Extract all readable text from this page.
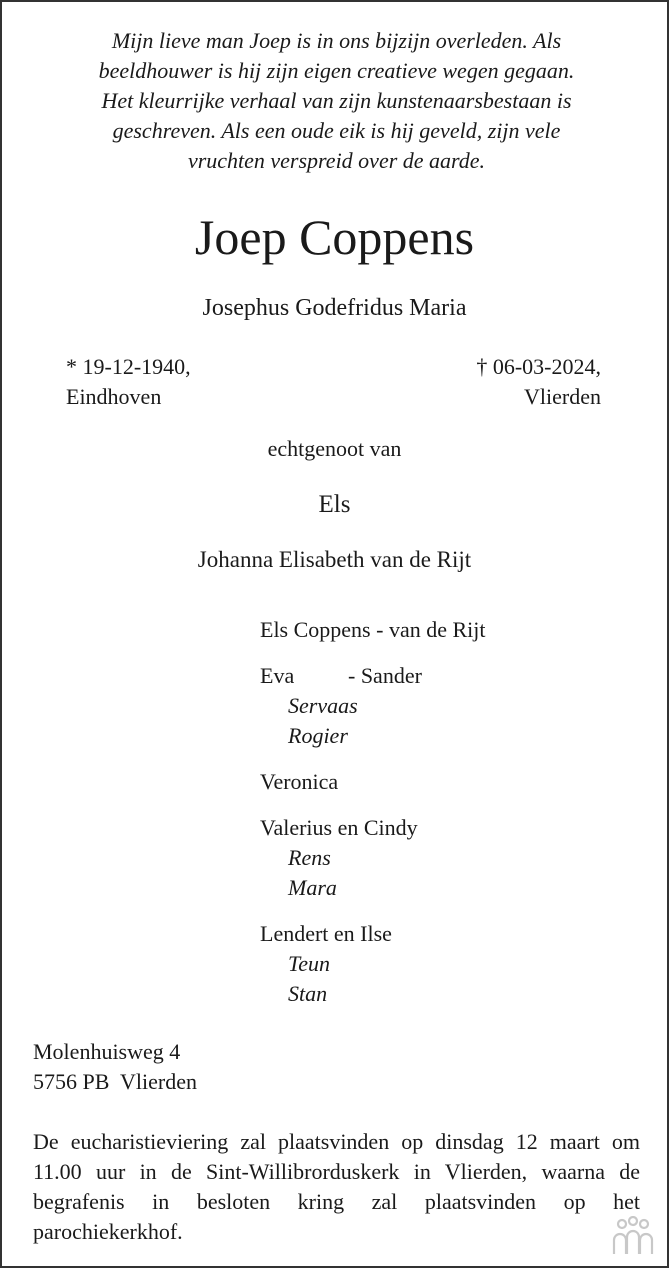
Mijn lieve man Joep is in ons bijzijn overleden. Als
beeldhouwer is hij zijn eigen creatieve wegen gegaan.
Het kleurrijke verhaal van zijn kunstenaarsbestaan is
geschreven. Als een oude eik is hij geveld, zijn vele
vruchten verspreid over de aarde.
Joep Coppens
Josephus Godefridus Maria
* 19-12-1940,
Eindhoven
† 06-03-2024,
Vlierden
echtgenoot van
Els
Johanna Elisabeth van de Rijt
Els Coppens - van de Rijt
Eva - Sander
Servaas
Rogier
Veronica
Valerius en Cindy
Rens
Mara
Lendert en Ilse
Teun
Stan
Molenhuisweg 4
5756 PB  Vlierden
De eucharistieviering zal plaatsvinden op dinsdag 12 maart om 11.00 uur in de Sint-Willibrorduskerk in Vlierden, waarna de begrafenis in besloten kring zal plaatsvinden op het parochiekerkhof.
